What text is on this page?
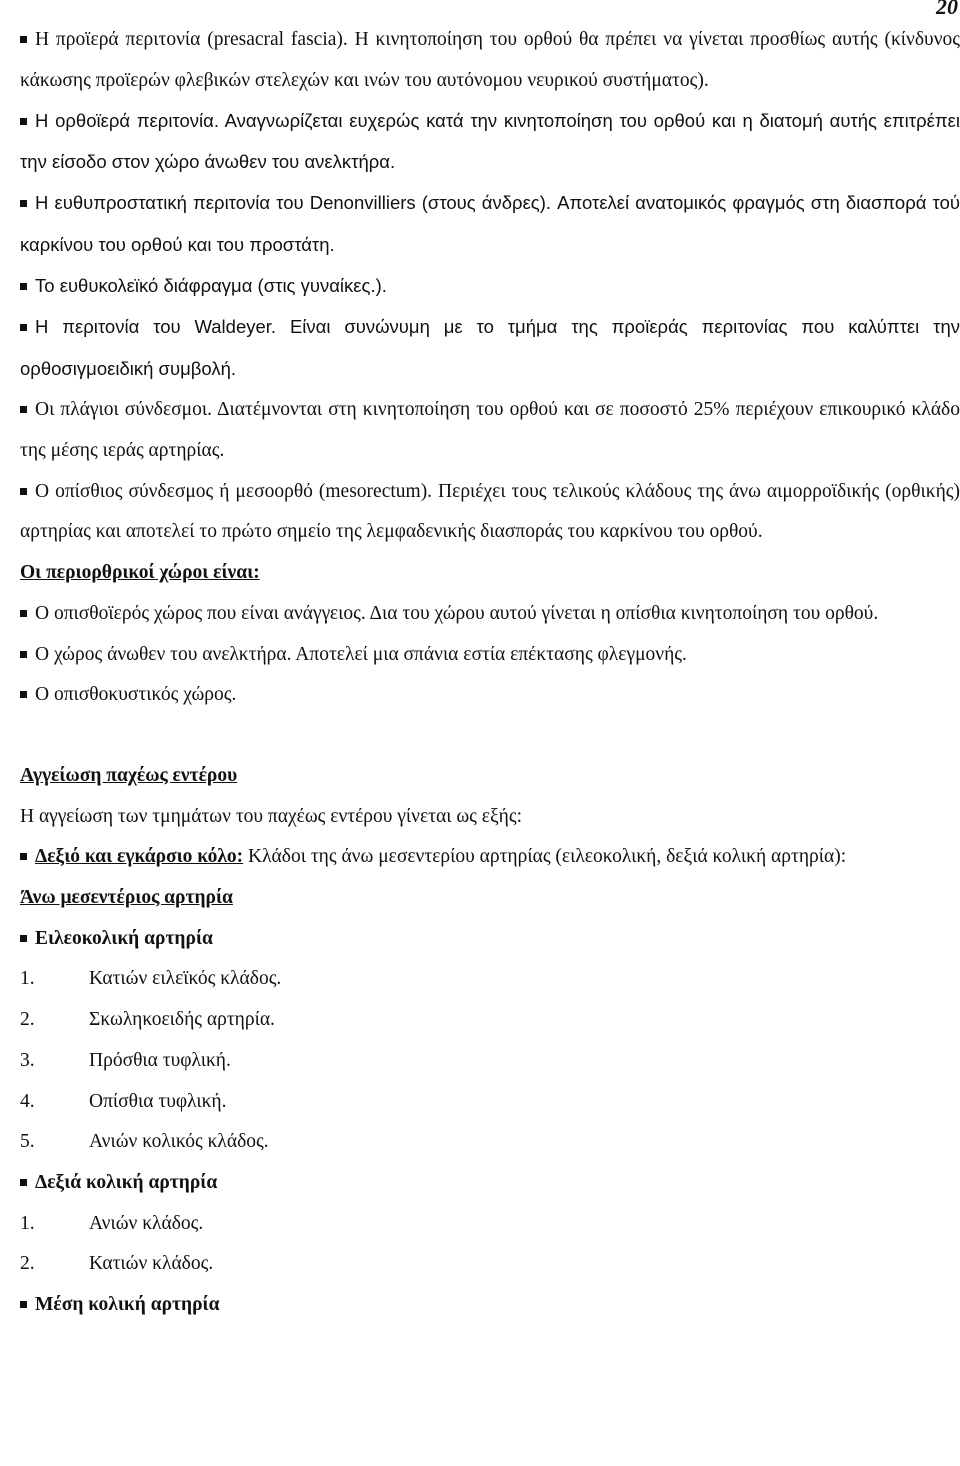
20

Η προϊερά περιτονία (presacral fascia). Η κινητοποίηση του ορθού θα πρέπει να γίνεται προσθίως αυτής (κίνδυνος κάκωσης προϊερών φλεβικών στελεχών και ινών του αυτόνομου νευρικού συστήματος).

Η ορθοϊερά περιτονία. Αναγνωρίζεται ευχερώς κατά την κινητοποίηση του ορθού και η διατομή αυτής επιτρέπει την είσοδο στον χώρο άνωθεν του ανελκτήρα.

Η ευθυπροστατική περιτονία του Denonvilliers (στους άνδρες). Αποτελεί ανατομικός φραγμός στη διασπορά τού καρκίνου του ορθού και του προστάτη.

Το ευθυκολεϊκό διάφραγμα (στις γυναίκες.).

Η περιτονία του Waldeyer. Είναι συνώνυμη με το τμήμα της προϊεράς περιτονίας που καλύπτει την ορθοσιγμοειδική συμβολή.

Οι πλάγιοι σύνδεσμοι. Διατέμνονται στη κινητοποίηση του ορθού και σε ποσοστό 25% περιέχουν επικουρικό κλάδο της μέσης ιεράς αρτηρίας.

Ο οπίσθιος σύνδεσμος ή μεσοορθό (mesorectum). Περιέχει τους τελικούς κλάδους της άνω αιμορροϊδικής (ορθικής) αρτηρίας και αποτελεί το πρώτο σημείο της λεμφαδενικής διασποράς του καρκίνου του ορθού.

Οι περιορθρικοί χώροι είναι:

Ο οπισθοϊερός χώρος που είναι ανάγγειος. Δια του χώρου αυτού γίνεται η οπίσθια κινητοποίηση του ορθού.

Ο χώρος άνωθεν του ανελκτήρα. Αποτελεί μια σπάνια εστία επέκτασης φλεγμονής.

Ο οπισθοκυστικός χώρος.

Αγγείωση παχέως εντέρου

Η αγγείωση των τμημάτων του παχέως εντέρου γίνεται ως εξής:

Δεξιό και εγκάρσιο κόλο: Κλάδοι της άνω μεσεντερίου αρτηρίας (ειλεοκολική, δεξιά κολική αρτηρία):

Άνω μεσεντέριος αρτηρία

Ειλεοκολική αρτηρία

1.	Κατιών ειλεϊκός κλάδος.
2.	Σκωληκοειδής αρτηρία.
3.	Πρόσθια τυφλική.
4.	Οπίσθια τυφλική.
5.	Ανιών κολικός κλάδος.

Δεξιά κολική αρτηρία

1.	Ανιών κλάδος.
2.	Κατιών κλάδος.

Μέση κολική αρτηρία
